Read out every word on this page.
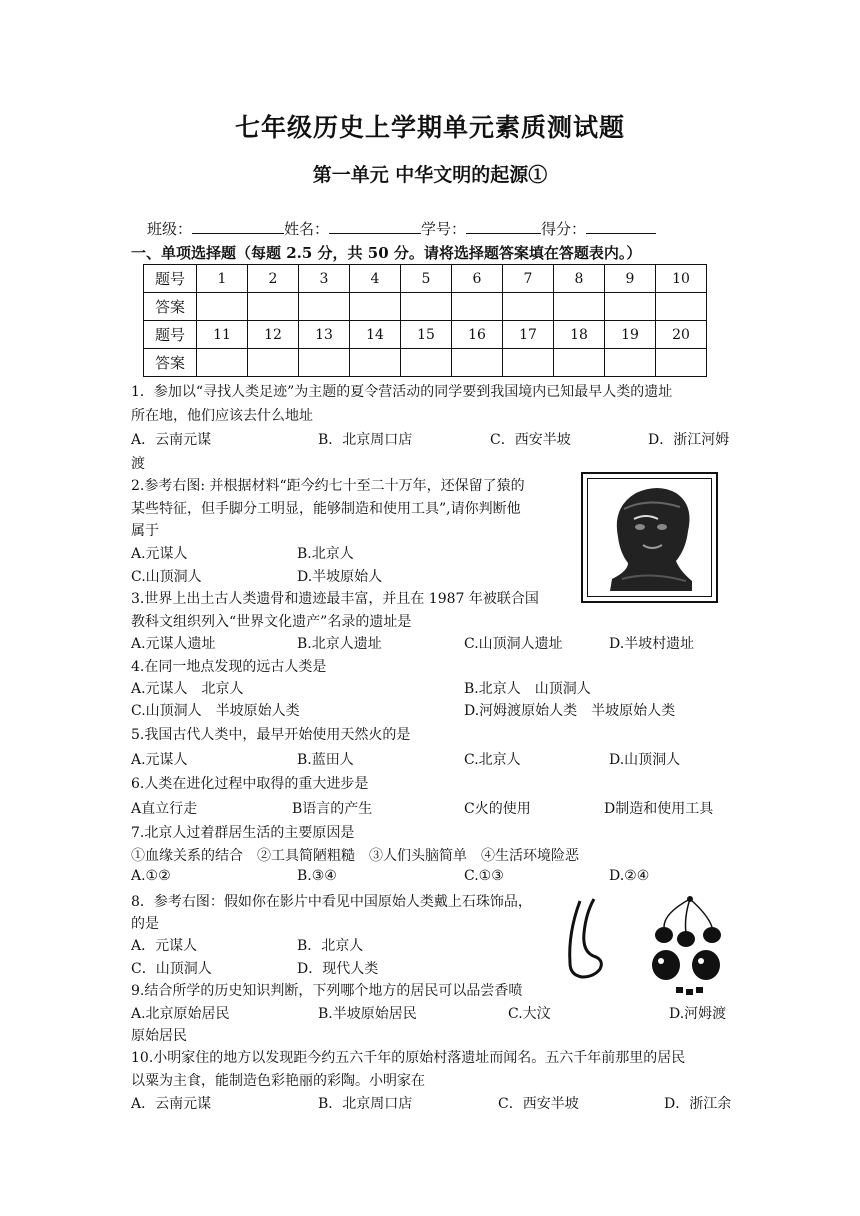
七年级历史上学期单元素质测试题
第一单元 中华文明的起源①
班级：	姓名：	学号：	得分：
一、单项选择题（每题 2.5 分，共 50 分。请将选择题答案填在答题表内。）
题号	1	2	3	4	5	6	7	8	9	10
答案										
题号	11	12	13	14	15	16	17	18	19	20
答案										
1．参加以“寻找人类足迹”为主题的夏令营活动的同学要到我国境内已知最早人类的遗址
所在地，他们应该去什么地址
A．云南元谋	B．北京周口店	C．西安半坡	D．浙江河姆
渡
2.参考右图: 并根据材料“距今约七十至二十万年，还保留了猿的
某些特征，但手脚分工明显，能够制造和使用工具”,请你判断他
属于
A.元谋人	B.北京人
C.山顶洞人	D.半坡原始人
3.世界上出土古人类遗骨和遗迹最丰富，并且在 1987 年被联合国
教科文组织列入“世界文化遗产”名录的遗址是
A.元谋人遗址	B.北京人遗址	C.山顶洞人遗址	D.半坡村遗址
4.在同一地点发现的远古人类是
A.元谋人　北京人	B.北京人　山顶洞人
C.山顶洞人　半坡原始人类	D.河姆渡原始人类　半坡原始人类
5.我国古代人类中，最早开始使用天然火的是
A.元谋人	B.蓝田人	C.北京人	D.山顶洞人
6.人类在进化过程中取得的重大进步是
A直立行走	B语言的产生	C火的使用	D制造和使用工具
7.北京人过着群居生活的主要原因是
①血缘关系的结合　②工具简陋粗糙　③人们头脑简单　④生活环境险恶
A.①②	B.③④	C.①③	D.②④
8．参考右图：假如你在影片中看见中国原始人类戴上石珠饰品，
的是
A．元谋人	B．北京人
C．山顶洞人	D．现代人类
9.结合所学的历史知识判断，下列哪个地方的居民可以品尝香喷
A.北京原始居民	B.半坡原始居民	C.大汶	D.河姆渡
原始居民
10.小明家住的地方以发现距今约五六千年的原始村落遗址而闻名。五六千年前那里的居民
以粟为主食，能制造色彩艳丽的彩陶。小明家在
A．云南元谋	B．北京周口店	C．西安半坡	D．浙江余
